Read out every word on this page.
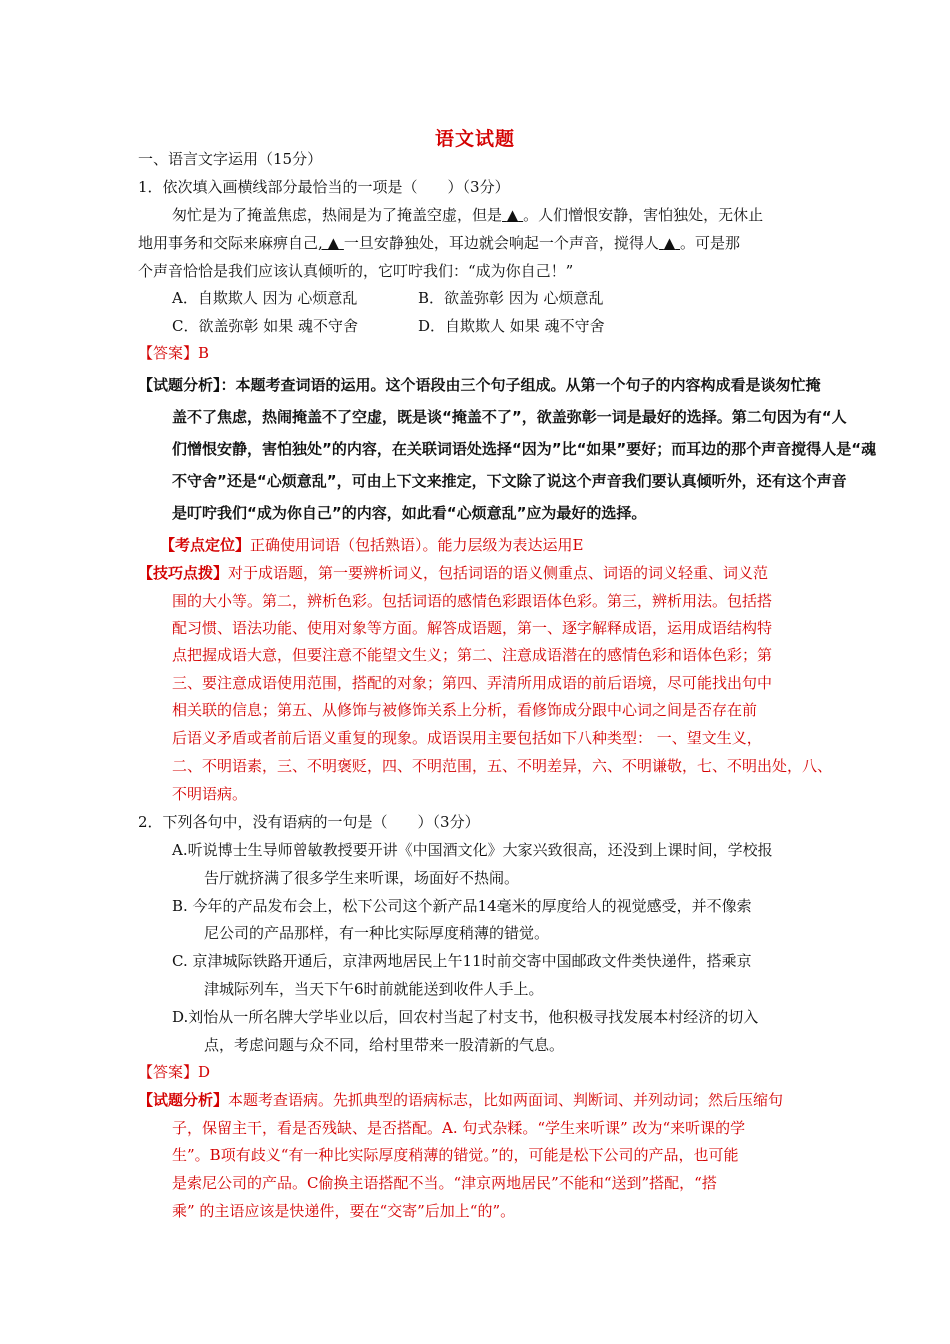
语文试题
一、语言文字运用（15分）
1．依次填入画横线部分最恰当的一项是（　　）（3分）
匆忙是为了掩盖焦虑，热闹是为了掩盖空虚，但是 ▲ 。人们憎恨安静，害怕独处，无休止
地用事务和交际来麻痹自己, ▲ 一旦安静独处，耳边就会响起一个声音，搅得人 ▲ 。可是那
个声音恰恰是我们应该认真倾听的，它叮咛我们：“成为你自己！”
A．自欺欺人 因为 心烦意乱	B．欲盖弥彰 因为 心烦意乱
C．欲盖弥彰 如果 魂不守舍	D．自欺欺人 如果 魂不守舍
【答案】B
【试题分析】：本题考查词语的运用。这个语段由三个句子组成。从第一个句子的内容构成看是谈匆忙掩
盖不了焦虑，热闹掩盖不了空虚，既是谈“掩盖不了”，欲盖弥彰一词是最好的选择。第二句因为有“人
们憎恨安静，害怕独处”的内容，在关联词语处选择“因为”比“如果”要好；而耳边的那个声音搅得人是“魂
不守舍”还是“心烦意乱”，可由上下文来推定，下文除了说这个声音我们要认真倾听外，还有这个声音
是叮咛我们“成为你自己”的内容，如此看“心烦意乱”应为最好的选择。
【考点定位】正确使用词语（包括熟语）。能力层级为表达运用E
【技巧点拨】对于成语题，第一要辨析词义，包括词语的语义侧重点、词语的词义轻重、词义范
围的大小等。第二，辨析色彩。包括词语的感情色彩跟语体色彩。第三，辨析用法。包括搭
配习惯、语法功能、使用对象等方面。解答成语题，第一、逐字解释成语，运用成语结构特
点把握成语大意，但要注意不能望文生义；第二、注意成语潜在的感情色彩和语体色彩；第
三、要注意成语使用范围，搭配的对象；第四、弄清所用成语的前后语境，尽可能找出句中
相关联的信息；第五、从修饰与被修饰关系上分析，看修饰成分跟中心词之间是否存在前
后语义矛盾或者前后语义重复的现象。成语误用主要包括如下八种类型： 一、望文生义，
二、不明语素，三、不明褒贬，四、不明范围，五、不明差异，六、不明谦敬，七、不明出处，八、
不明语病。
2．下列各句中，没有语病的一句是（　　）（3分）
A.听说博士生导师曾敏教授要开讲《中国酒文化》大家兴致很高，还没到上课时间，学校报
告厅就挤满了很多学生来听课，场面好不热闹。
B. 今年的产品发布会上，松下公司这个新产品14毫米的厚度给人的视觉感受，并不像索
尼公司的产品那样，有一种比实际厚度稍薄的错觉。
C. 京津城际铁路开通后，京津两地居民上午11时前交寄中国邮政文件类快递件，搭乘京
津城际列车，当天下午6时前就能送到收件人手上。
D.刘怡从一所名牌大学毕业以后，回农村当起了村支书，他积极寻找发展本村经济的切入
点，考虑问题与众不同，给村里带来一股清新的气息。
【答案】D
【试题分析】本题考查语病。先抓典型的语病标志，比如两面词、判断词、并列动词；然后压缩句
子，保留主干，看是否残缺、是否搭配。A. 句式杂糅。“学生来听课” 改为“来听课的学
生”。B项有歧义“有一种比实际厚度稍薄的错觉。”的，可能是松下公司的产品，也可能
是索尼公司的产品。C偷换主语搭配不当。“津京两地居民”不能和“送到”搭配，“搭
乘” 的主语应该是快递件，要在“交寄”后加上“的”。
